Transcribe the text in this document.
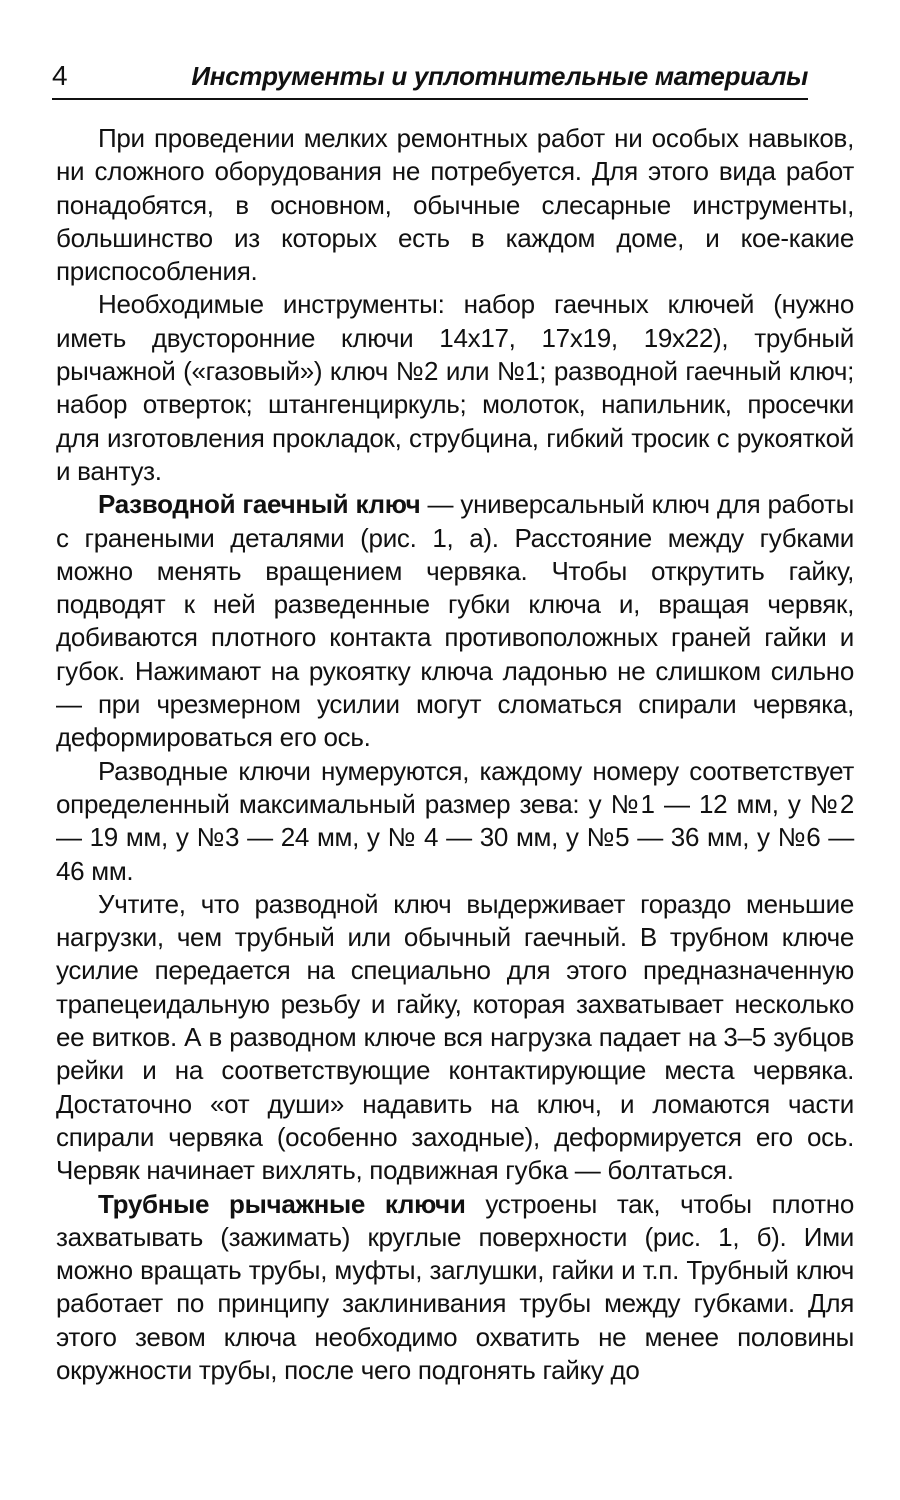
4	Инструменты и уплотнительные материалы

При проведении мелких ремонтных работ ни особых навыков, ни сложного оборудования не потребуется. Для этого вида работ понадобятся, в основном, обычные слесарные инструменты, большинство из которых есть в каждом доме, и кое-какие приспособления.

Необходимые инструменты: набор гаечных ключей (нужно иметь двусторонние ключи 14x17, 17x19, 19x22), трубный рычажной («газовый») ключ №2 или №1; разводной гаечный ключ; набор отверток; штангенциркуль; молоток, напильник, просечки для изготовления прокладок, струбцина, гибкий тросик с рукояткой и вантуз.

Разводной гаечный ключ — универсальный ключ для работы с гранеными деталями (рис. 1, а). Расстояние между губками можно менять вращением червяка. Чтобы открутить гайку, подводят к ней разведенные губки ключа и, вращая червяк, добиваются плотного контакта противоположных граней гайки и губок. Нажимают на рукоятку ключа ладонью не слишком сильно — при чрезмерном усилии могут сломаться спирали червяка, деформироваться его ось.

Разводные ключи нумеруются, каждому номеру соответствует определенный максимальный размер зева: у №1 — 12 мм, у №2 — 19 мм, у №3 — 24 мм, у № 4 — 30 мм, у №5 — 36 мм, у №6 — 46 мм.

Учтите, что разводной ключ выдерживает гораздо меньшие нагрузки, чем трубный или обычный гаечный. В трубном ключе усилие передается на специально для этого предназначенную трапецеидальную резьбу и гайку, которая захватывает несколько ее витков. А в разводном ключе вся нагрузка падает на 3–5 зубцов рейки и на соответствующие контактирующие места червяка. Достаточно «от души» надавить на ключ, и ломаются части спирали червяка (особенно заходные), деформируется его ось. Червяк начинает вихлять, подвижная губка — болтаться.

Трубные рычажные ключи устроены так, чтобы плотно захватывать (зажимать) круглые поверхности (рис. 1, б). Ими можно вращать трубы, муфты, заглушки, гайки и т.п. Трубный ключ работает по принципу заклинивания трубы между губками. Для этого зевом ключа необходимо охватить не менее половины окружности трубы, после чего подгонять гайку до
